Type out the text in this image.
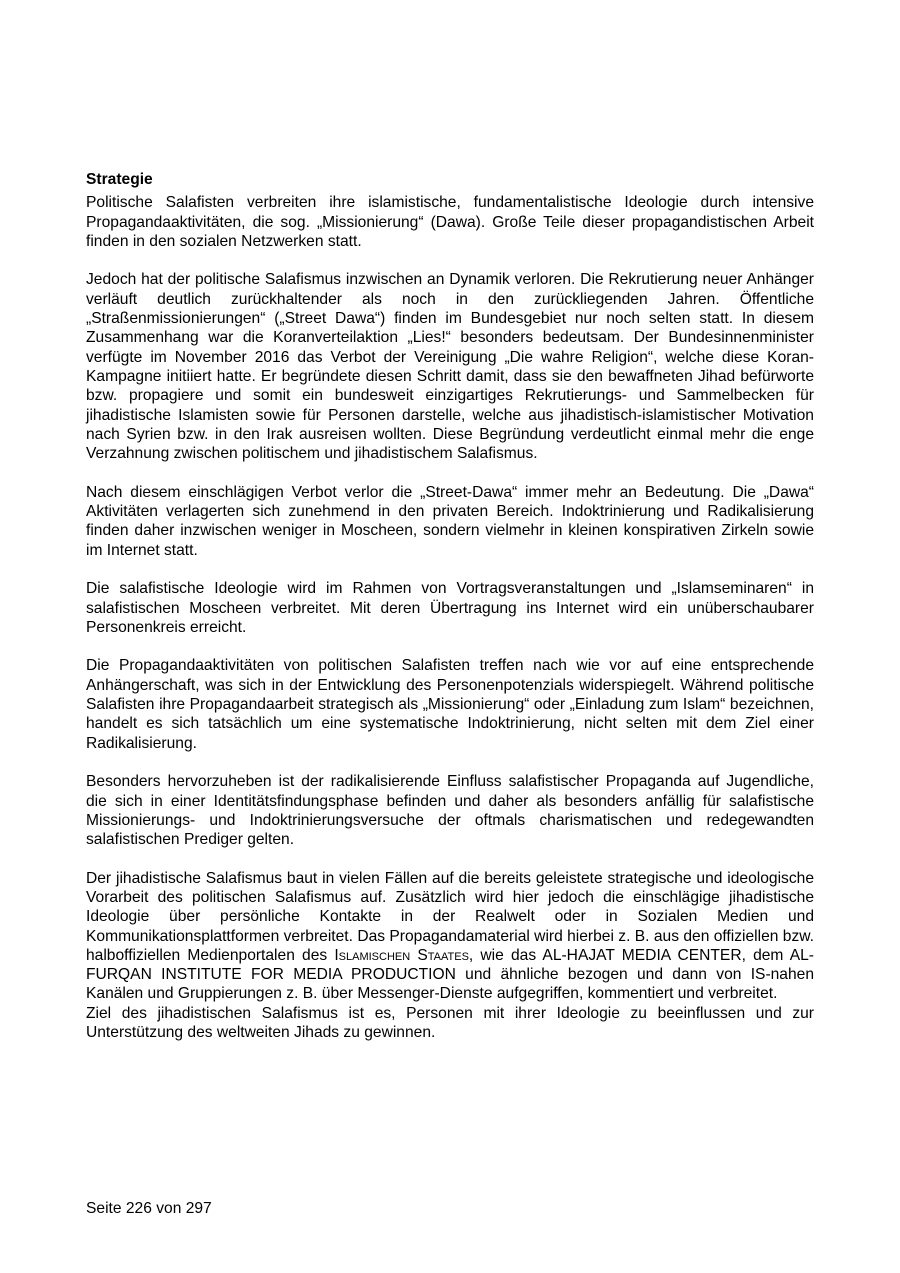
Strategie

Politische Salafisten verbreiten ihre islamistische, fundamentalistische Ideologie durch intensive Propagandaaktivitäten, die sog. „Missionierung“ (Dawa). Große Teile dieser propagandistischen Arbeit finden in den sozialen Netzwerken statt.

Jedoch hat der politische Salafismus inzwischen an Dynamik verloren. Die Rekrutierung neuer Anhänger verläuft deutlich zurückhaltender als noch in den zurückliegenden Jahren. Öffentliche „Straßenmissionierungen“ („Street Dawa“) finden im Bundesgebiet nur noch selten statt. In diesem Zusammenhang war die Koranverteilaktion „Lies!“ besonders bedeutsam. Der Bundesinnenminister verfügte im November 2016 das Verbot der Vereinigung „Die wahre Religion“, welche diese Koran-Kampagne initiiert hatte. Er begründete diesen Schritt damit, dass sie den bewaffneten Jihad befürworte bzw. propagiere und somit ein bundesweit einzigartiges Rekrutierungs- und Sammelbecken für jihadistische Islamisten sowie für Personen darstelle, welche aus jihadistisch-islamistischer Motivation nach Syrien bzw. in den Irak ausreisen wollten. Diese Begründung verdeutlicht einmal mehr die enge Verzahnung zwischen politischem und jihadistischem Salafismus.

Nach diesem einschlägigen Verbot verlor die „Street-Dawa“ immer mehr an Bedeutung. Die „Dawa“ Aktivitäten verlagerten sich zunehmend in den privaten Bereich. Indoktrinierung und Radikalisierung finden daher inzwischen weniger in Moscheen, sondern vielmehr in kleinen konspirativen Zirkeln sowie im Internet statt.

Die salafistische Ideologie wird im Rahmen von Vortragsveranstaltungen und „Islamseminaren“ in salafistischen Moscheen verbreitet. Mit deren Übertragung ins Internet wird ein unüberschaubarer Personenkreis erreicht.

Die Propagandaaktivitäten von politischen Salafisten treffen nach wie vor auf eine entsprechende Anhängerschaft, was sich in der Entwicklung des Personenpotenzials widerspiegelt. Während politische Salafisten ihre Propagandaarbeit strategisch als „Missionierung“ oder „Einladung zum Islam“ bezeichnen, handelt es sich tatsächlich um eine systematische Indoktrinierung, nicht selten mit dem Ziel einer Radikalisierung.

Besonders hervorzuheben ist der radikalisierende Einfluss salafistischer Propaganda auf Jugendliche, die sich in einer Identitätsfindungsphase befinden und daher als besonders anfällig für salafistische Missionierungs- und Indoktrinierungsversuche der oftmals charismatischen und redegewandten salafistischen Prediger gelten.

Der jihadistische Salafismus baut in vielen Fällen auf die bereits geleistete strategische und ideologische Vorarbeit des politischen Salafismus auf. Zusätzlich wird hier jedoch die einschlägige jihadistische Ideologie über persönliche Kontakte in der Realwelt oder in Sozialen Medien und Kommunikationsplattformen verbreitet. Das Propagandamaterial wird hierbei z. B. aus den offiziellen bzw. halboffiziellen Medienportalen des Islamischen Staates, wie das AL-HAJAT MEDIA CENTER, dem AL-FURQAN INSTITUTE FOR MEDIA PRODUCTION und ähnliche bezogen und dann von IS-nahen Kanälen und Gruppierungen z. B. über Messenger-Dienste aufgegriffen, kommentiert und verbreitet.

Ziel des jihadistischen Salafismus ist es, Personen mit ihrer Ideologie zu beeinflussen und zur Unterstützung des weltweiten Jihads zu gewinnen.

Seite 226 von 297
